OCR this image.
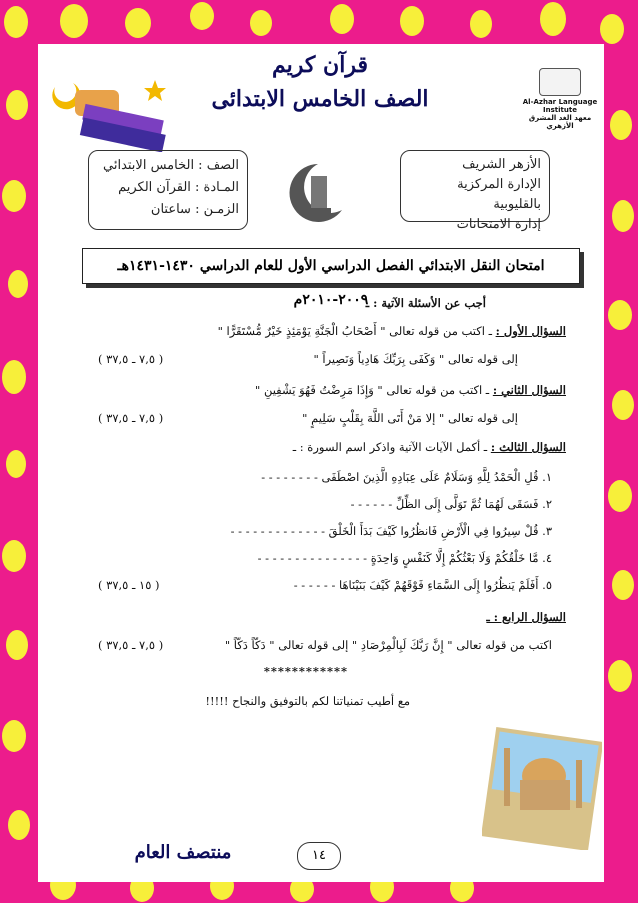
قرآن كريم
الصف الخامس الابتدائى	Al-Azhar Language Institute
معهد الغد المشرق الأزهري
الأزهر الشريف
الإدارة المركزية بالقليوبية
إدارة الامتحانات
الصف : الخامس الابتدائي
المـادة : القرآن الكريم
الزمـن : ساعتان
امتحان النقل الابتدائي الفصل الدراسي الأول للعام الدراسي ١٤٣٠-١٤٣١هـ ٢٠٠٩-٢٠١٠م
أجب عن الأسئلة الآتية : ـ
السؤال الأول : ـ اكتب من قوله تعالى " أَصْحَابُ الْجَنَّةِ يَوْمَئِذٍ خَيْرٌ مُّسْتَقَرًّا "
إلى قوله تعالى " وَكَفَى بِرَبِّكَ هَادِياً وَنَصِيراً "
( ٧,٥ ـ ٣٧,٥ )
السؤال الثاني : ـ اكتب من قوله تعالى " وَإِذَا مَرِضْتُ فَهُوَ يَشْفِينِ "
إلى قوله تعالى " إلا مَنْ أَتَى اللَّهَ بِقَلْبٍ سَلِيمٍ "
( ٧,٥ ـ ٣٧,٥ )
السؤال الثالث : ـ أكمل الآيات الآتية واذكر اسم السورة : ـ
١. قُلِ الْحَمْدُ لِلَّهِ وَسَلَامٌ عَلَى عِبَادِهِ الَّذِينَ اصْطَفَى - - - - - - - -
٢. فَسَقَى لَهُمَا ثُمَّ تَوَلَّى إِلَى الظِّلِّ - - - - - -
٣. قُلْ سِيرُوا فِي الْأَرْضِ فَانظُرُوا كَيْفَ بَدَأَ الْخَلْقَ - - - - - - - - - - - - -
٤. مَّا خَلْقُكُمْ وَلَا بَعْثُكُمْ إِلَّا كَنَفْسٍ وَاحِدَةٍ - - - - - - - - - - - - - - -
٥. أَفَلَمْ يَنظُرُوا إِلَى السَّمَاءِ فَوْقَهُمْ كَيْفَ بَنَيْنَاهَا - - - - - -
( ١٥ ـ ٣٧,٥ )
السؤال الرابع : ـ
اكتب من قوله تعالى " إِنَّ رَبَّكَ لَبِالْمِرْصَادِ " إلى قوله تعالى " دَكّاً دَكّاً "
( ٧,٥ ـ ٣٧,٥ )
************
مع أطيب تمنياتنا لكم بالتوفيق والنجاح !!!!!
١٤
منتصف العام
